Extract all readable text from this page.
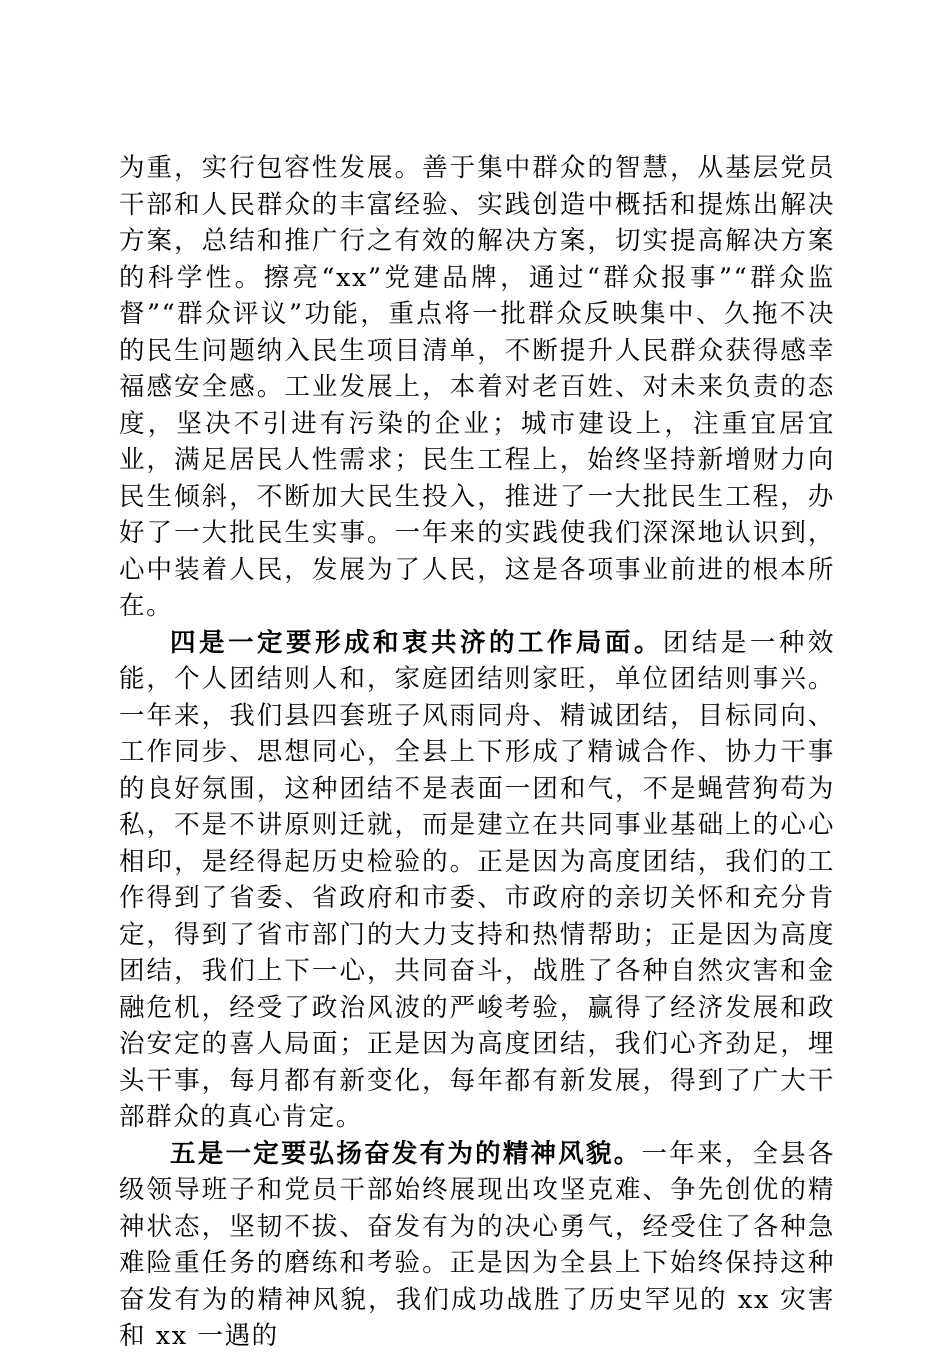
为重，实行包容性发展。善于集中群众的智慧，从基层党员干部和人民群众的丰富经验、实践创造中概括和提炼出解决方案，总结和推广行之有效的解决方案，切实提高解决方案的科学性。擦亮“xx”党建品牌，通过“群众报事”“群众监督”“群众评议”功能，重点将一批群众反映集中、久拖不决的民生问题纳入民生项目清单，不断提升人民群众获得感幸福感安全感。工业发展上，本着对老百姓、对未来负责的态度，坚决不引进有污染的企业；城市建设上，注重宜居宜业，满足居民人性需求；民生工程上，始终坚持新增财力向民生倾斜，不断加大民生投入，推进了一大批民生工程，办好了一大批民生实事。一年来的实践使我们深深地认识到，心中装着人民，发展为了人民，这是各项事业前进的根本所在。

四是一定要形成和衷共济的工作局面。团结是一种效能，个人团结则人和，家庭团结则家旺，单位团结则事兴。一年来，我们县四套班子风雨同舟、精诚团结，目标同向、工作同步、思想同心，全县上下形成了精诚合作、协力干事的良好氛围，这种团结不是表面一团和气，不是蝇营狗苟为私，不是不讲原则迁就，而是建立在共同事业基础上的心心相印，是经得起历史检验的。正是因为高度团结，我们的工作得到了省委、省政府和市委、市政府的亲切关怀和充分肯定，得到了省市部门的大力支持和热情帮助；正是因为高度团结，我们上下一心，共同奋斗，战胜了各种自然灾害和金融危机，经受了政治风波的严峻考验，赢得了经济发展和政治安定的喜人局面；正是因为高度团结，我们心齐劲足，埋头干事，每月都有新变化，每年都有新发展，得到了广大干部群众的真心肯定。

五是一定要弘扬奋发有为的精神风貌。一年来，全县各级领导班子和党员干部始终展现出攻坚克难、争先创优的精神状态，坚韧不拔、奋发有为的决心勇气，经受住了各种急难险重任务的磨练和考验。正是因为全县上下始终保持这种奋发有为的精神风貌，我们成功战胜了历史罕见的 xx 灾害和 xx 一遇的
